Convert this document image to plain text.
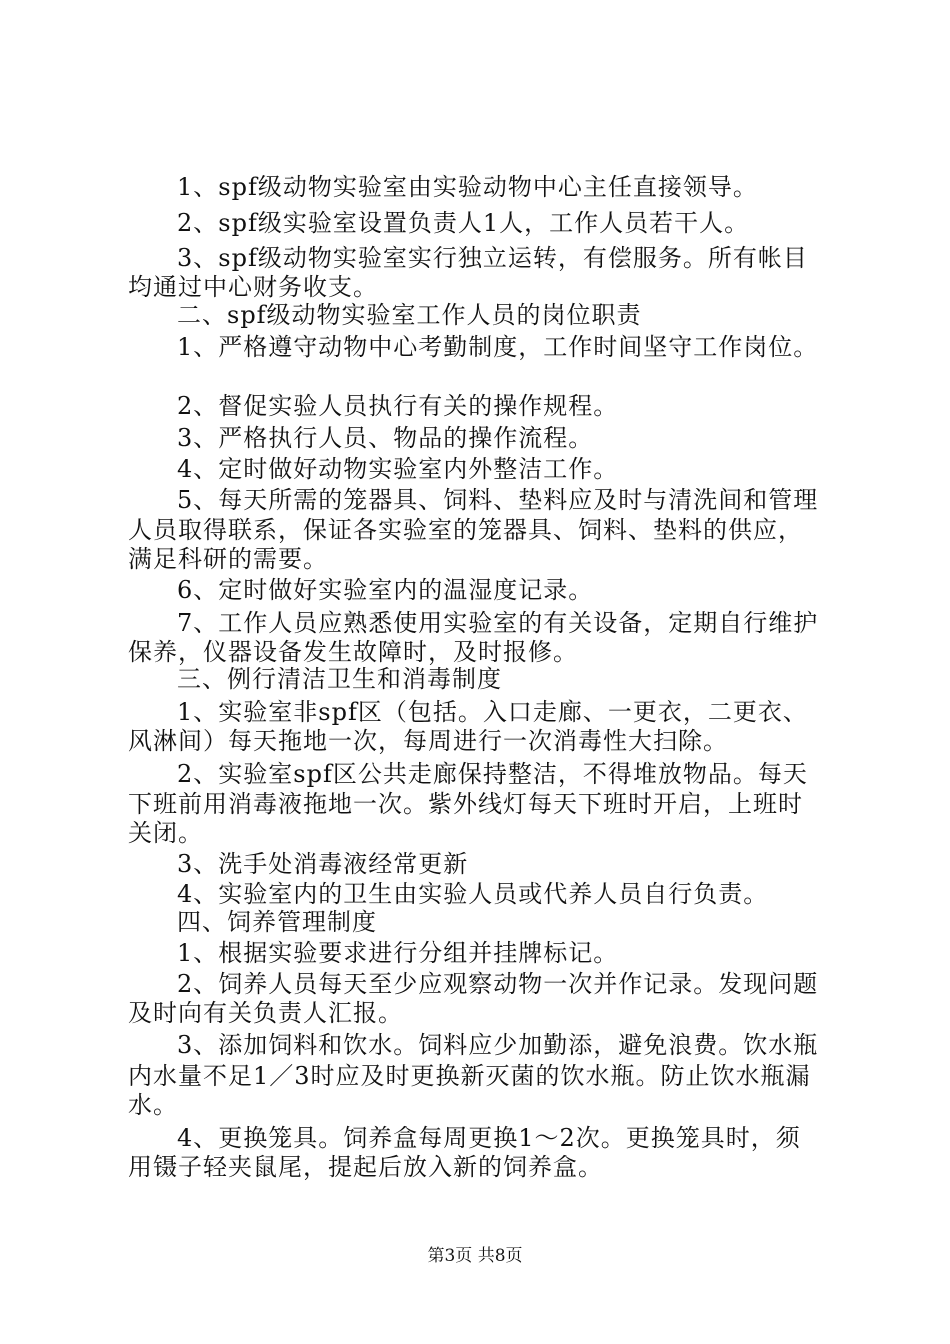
1、spf级动物实验室由实验动物中心主任直接领导。
2、spf级实验室设置负责人1人，工作人员若干人。
3、spf级动物实验室实行独立运转，有偿服务。所有帐目
均通过中心财务收支。
二、spf级动物实验室工作人员的岗位职责
1、严格遵守动物中心考勤制度，工作时间坚守工作岗位。
2、督促实验人员执行有关的操作规程。
3、严格执行人员、物品的操作流程。
4、定时做好动物实验室内外整洁工作。
5、每天所需的笼器具、饲料、垫料应及时与清洗间和管理
人员取得联系，保证各实验室的笼器具、饲料、垫料的供应，
满足科研的需要。
6、定时做好实验室内的温湿度记录。
7、工作人员应熟悉使用实验室的有关设备，定期自行维护
保养，仪器设备发生故障时，及时报修。
三、例行清洁卫生和消毒制度
1、实验室非spf区（包括。入口走廊、一更衣，二更衣、
风淋间）每天拖地一次，每周进行一次消毒性大扫除。
2、实验室spf区公共走廊保持整洁，不得堆放物品。每天
下班前用消毒液拖地一次。紫外线灯每天下班时开启，上班时
关闭。
3、洗手处消毒液经常更新
4、实验室内的卫生由实验人员或代养人员自行负责。
四、饲养管理制度
1、根据实验要求进行分组并挂牌标记。
2、饲养人员每天至少应观察动物一次并作记录。发现问题
及时向有关负责人汇报。
3、添加饲料和饮水。饲料应少加勤添，避免浪费。饮水瓶
内水量不足1／3时应及时更换新灭菌的饮水瓶。防止饮水瓶漏
水。
4、更换笼具。饲养盒每周更换1～2次。更换笼具时，须
用镊子轻夹鼠尾，提起后放入新的饲养盒。
第3页 共8页
